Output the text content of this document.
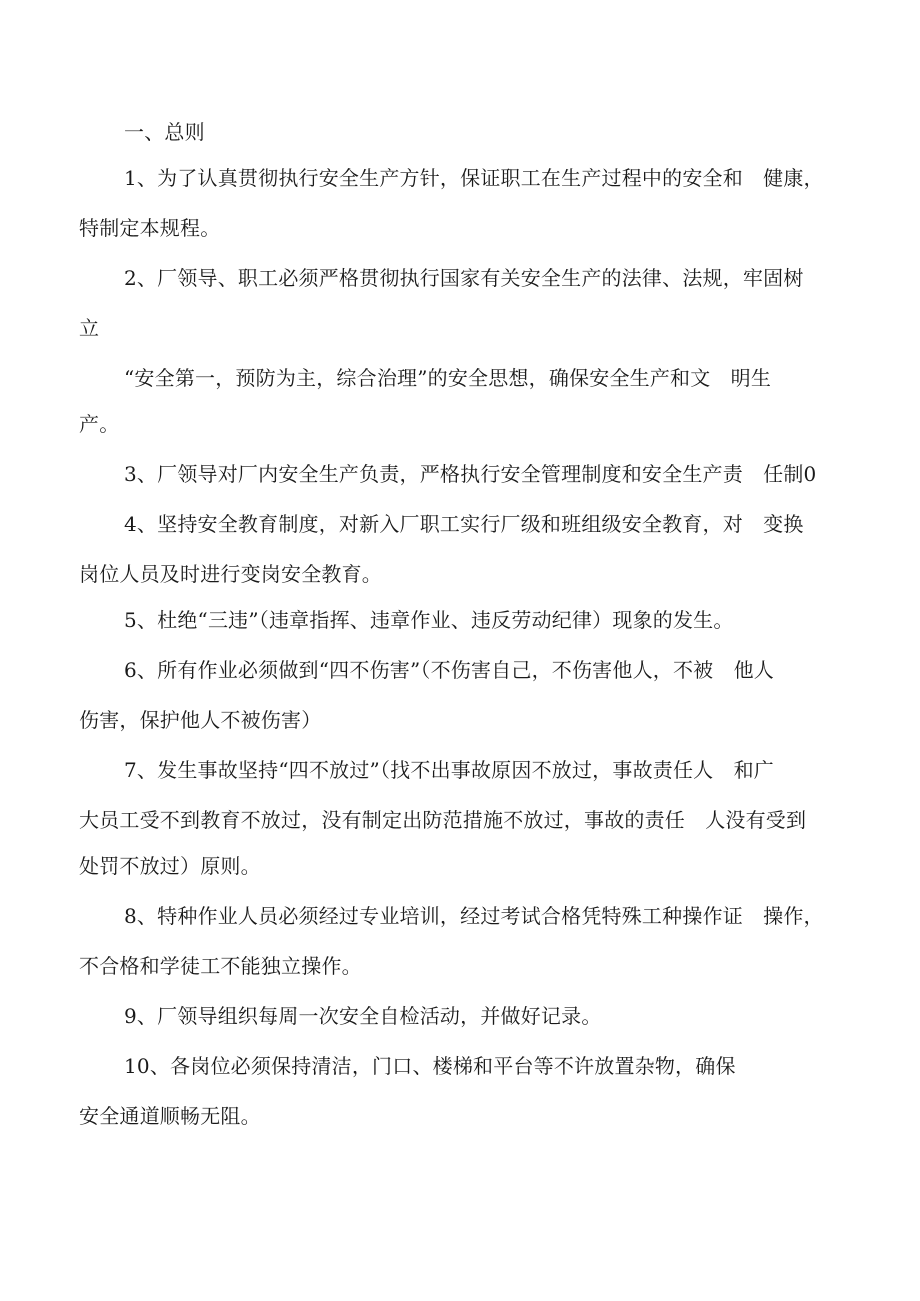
一、总则
1、为了认真贯彻执行安全生产方针，保证职工在生产过程中的安全和　健康，
特制定本规程。
2、厂领导、职工必须严格贯彻执行国家有关安全生产的法律、法规，牢固树
立
“安全第一，预防为主，综合治理”的安全思想，确保安全生产和文　明生
产。
3、厂领导对厂内安全生产负责，严格执行安全管理制度和安全生产责　任制0
4、坚持安全教育制度，对新入厂职工实行厂级和班组级安全教育，对　变换
岗位人员及时进行变岗安全教育。
5、杜绝“三违”（违章指挥、违章作业、违反劳动纪律）现象的发生。
6、所有作业必须做到“四不伤害”（不伤害自己，不伤害他人，不被　他人
伤害，保护他人不被伤害）
7、发生事故坚持“四不放过”（找不出事故原因不放过，事故责任人　和广
大员工受不到教育不放过，没有制定出防范措施不放过，事故的责任　人没有受到
处罚不放过）原则。
8、特种作业人员必须经过专业培训，经过考试合格凭特殊工种操作证　操作，
不合格和学徒工不能独立操作。
9、厂领导组织每周一次安全自检活动，并做好记录。
10、各岗位必须保持清洁，门口、楼梯和平台等不许放置杂物，确保
安全通道顺畅无阻。
